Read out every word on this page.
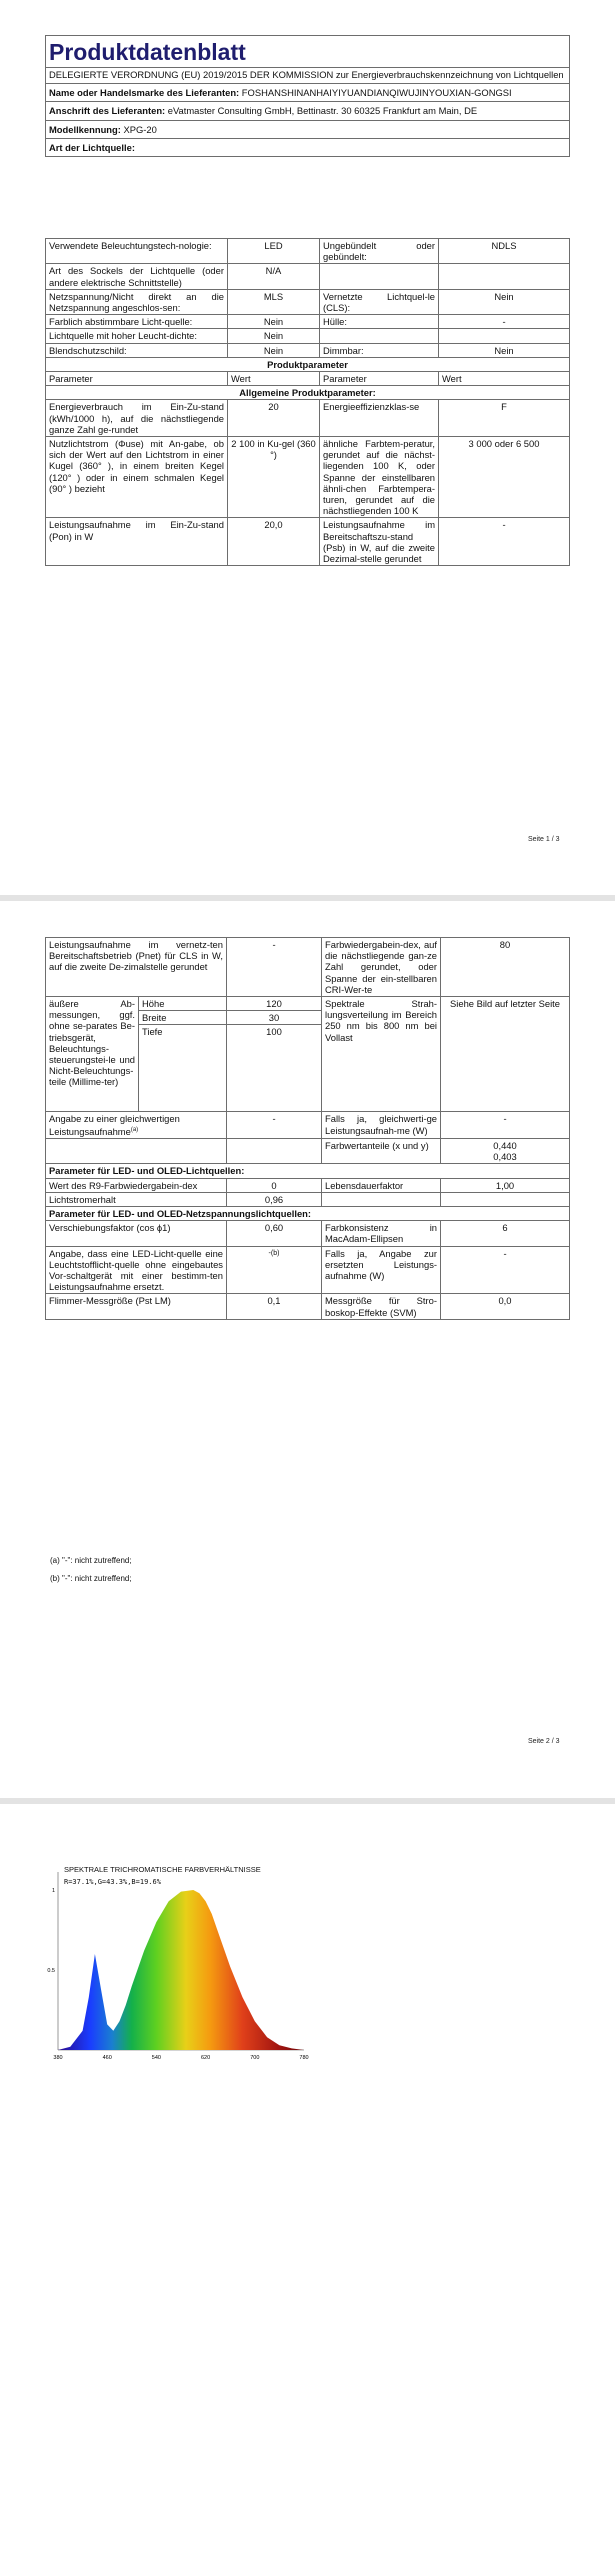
Produktdatenblatt
DELEGIERTE VERORDNUNG (EU) 2019/2015 DER KOMMISSION zur Energieverbrauchskennzeichnung von Lichtquellen
Name oder Handelsmarke des Lieferanten: FOSHANSHINANHAIYIYUANDIANQIWUJINYOUXIAN-GONGSI
Anschrift des Lieferanten: eVatmaster Consulting GmbH, Bettinastr. 30 60325 Frankfurt am Main, DE
Modellkennung: XPG-20
Art der Lichtquelle:
Verwendete Beleuchtungstech-nologie:	LED	Ungebündelt oder gebündelt:	NDLS
Art des Sockels der Lichtquelle (oder andere elektrische Schnittstelle)	N/A		
Netzspannung/Nicht direkt an die Netzspannung angeschlos-sen:	MLS	Vernetzte Lichtquel-le (CLS):	Nein
Farblich abstimmbare Licht-quelle:	Nein	Hülle:	-
Lichtquelle mit hoher Leucht-dichte:	Nein		
Blendschutzschild:	Nein	Dimmbar:	Nein
Produktparameter			
Parameter	Wert	Parameter	Wert
Allgemeine Produktparameter:			
Energieverbrauch im Ein-Zu-stand (kWh/1000 h), auf die nächstliegende ganze Zahl ge-rundet	20	Energieeffizienzklas-se	F
Nutzlichtstrom (Φuse) mit An-gabe, ob sich der Wert auf den Lichtstrom in einer Kugel (360° ), in einem breiten Kegel (120° ) oder in einem schmalen Kegel (90° ) bezieht	2 100 in Ku-gel (360 °)	ähnliche Farbtem-peratur, gerundet auf die nächst-liegenden 100 K, oder Spanne der einstellbaren ähnli-chen Farbtempera-turen, gerundet auf die nächstliegenden 100 K	3 000 oder 6 500
Leistungsaufnahme im Ein-Zu-stand (Pon) in W	20,0	Leistungsaufnahme im Bereitschaftszu-stand (Psb) in W, auf die zweite Dezimal-stelle gerundet	-
Seite 1 / 3
Leistungsaufnahme im vernetz-ten Bereitschaftsbetrieb (Pnet) für CLS in W, auf die zweite De-zimalstelle gerundet		-	Farbwiedergabein-dex, auf die nächstliegende gan-ze Zahl gerundet, oder Spanne der ein-stellbaren CRI-Wer-te	80
äußere Ab-messungen, ggf. ohne se-parates Be-triebsgerät, Beleuchtungs-steuerungstei-le und Nicht-Beleuchtungs-teile (Millime-ter)	Höhe	120	Spektrale Strah-lungsverteilung im Bereich 250 nm bis 800 nm bei Vollast	Siehe Bild auf letzter Seite
	Breite	30		
	Tiefe	100		
Angabe zu einer gleichwertigen Leistungsaufnahme$^{(a)}$		-	Falls ja, gleichwerti-ge Leistungsaufnah-me (W)	-
			Farbwertanteile (x und y)	0,440
0,403

Parameter für LED- und OLED-Lichtquellen:				
Wert des R9-Farbwiedergabein-dex		0	Lebensdauerfaktor	1,00
Lichtstromerhalt		0,96		
Parameter für LED- und OLED-Netzspannungslichtquellen:				
Verschiebungsfaktor (cos ϕ1)		0,60	Farbkonsistenz in MacAdam-Ellipsen	6
Angabe, dass eine LED-Licht-quelle eine Leuchtstofflicht-quelle ohne eingebautes Vor-schaltgerät mit einer bestimm-ten Leistungsaufnahme ersetzt.		-(b)	Falls ja, Angabe zur ersetzten Leistungs-aufnahme (W)	-
Flimmer-Messgröße (Pst LM)		0,1	Messgröße für Stro-boskop-Effekte (SVM)	0,0
(a) "-": nicht zutreffend;
(b) "-": nicht zutreffend;
Seite 2 / 3
SPEKTRALE TRICHROMATISCHE FARBVERHÄLTNISSE
R=37.1%,G=43.3%,B=19.6%
380	460	540	620	700	780
1
0.5
